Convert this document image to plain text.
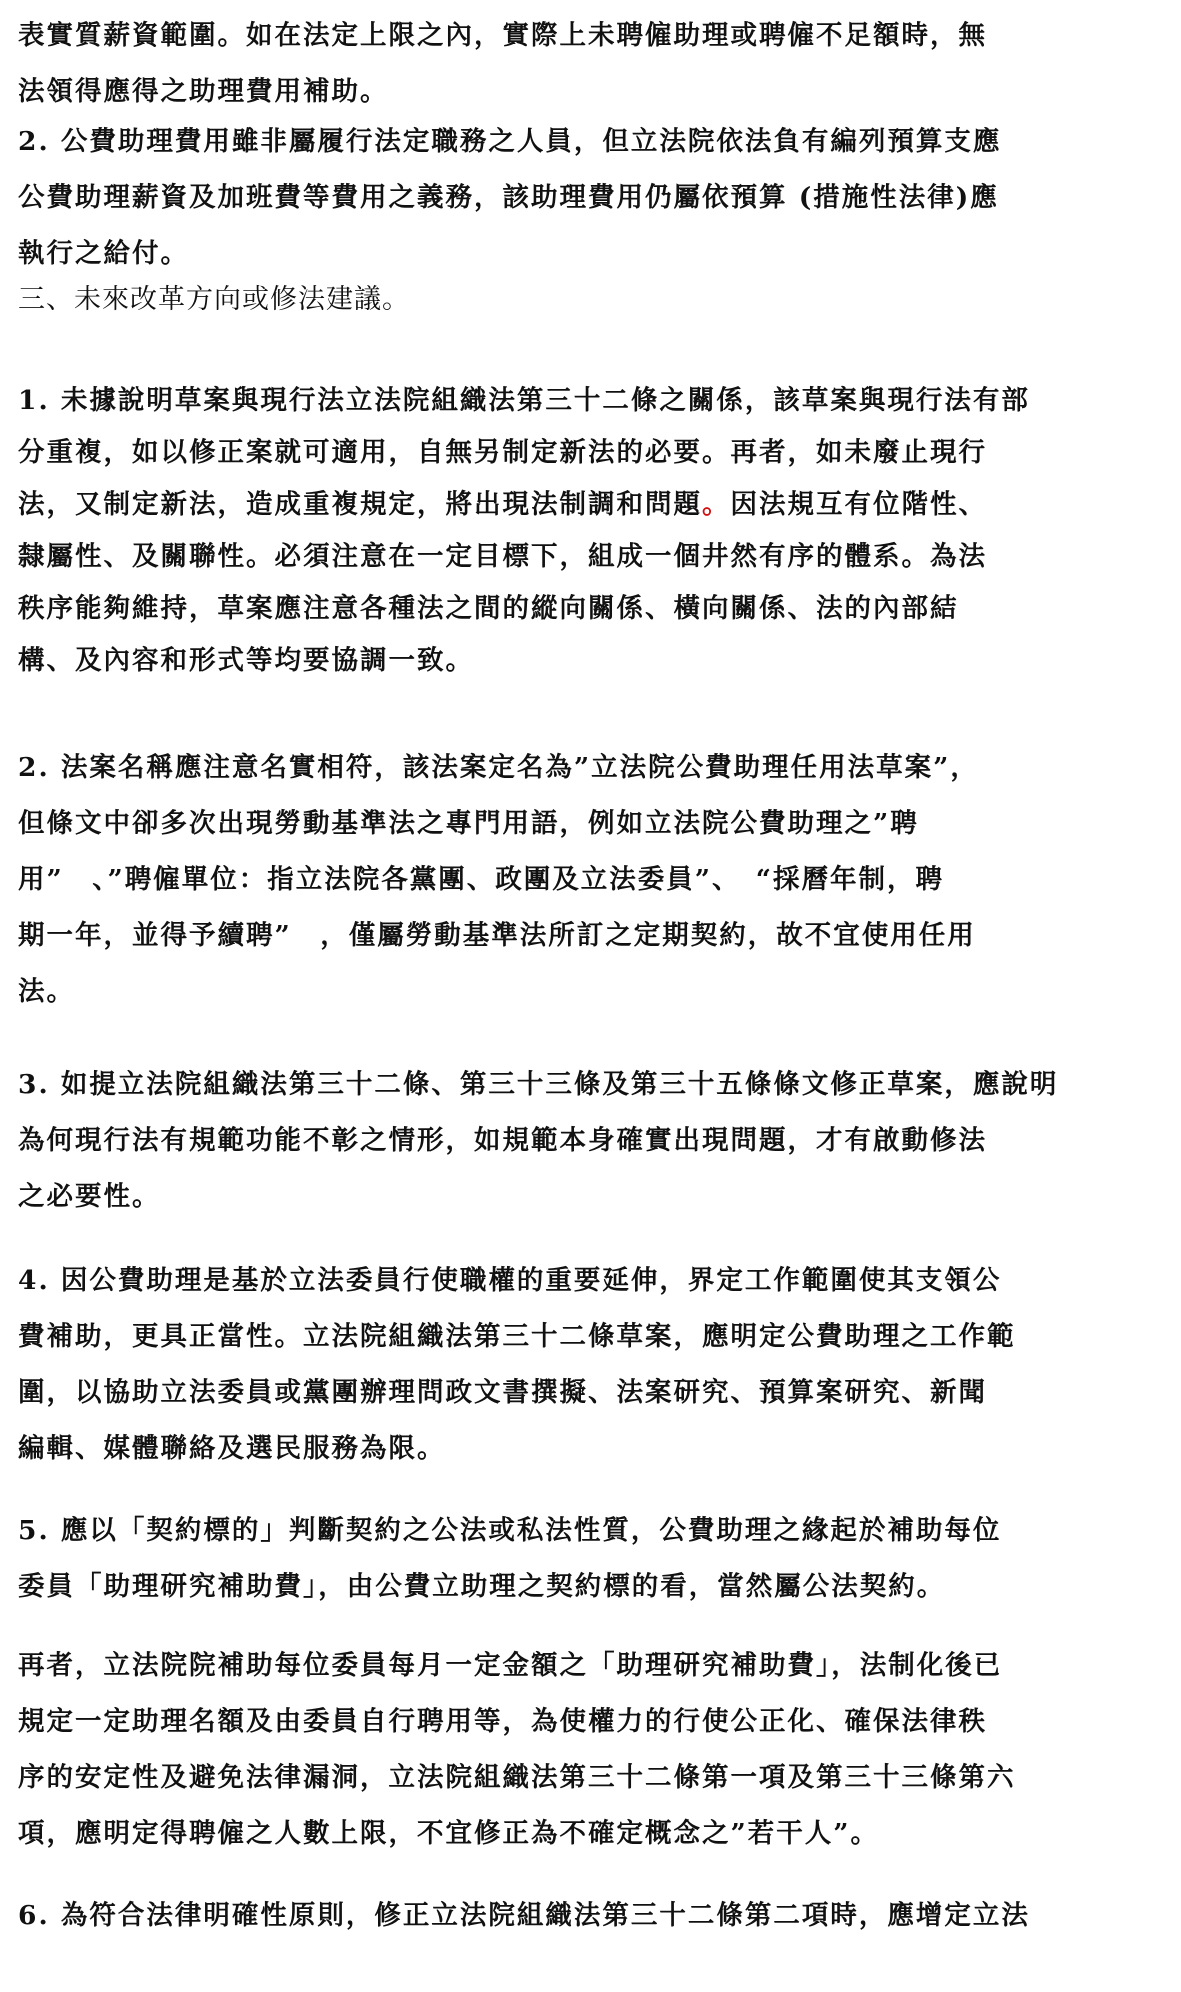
表實質薪資範圍。如在法定上限之內，實際上未聘僱助理或聘僱不足額時，無
法領得應得之助理費用補助。

2. 公費助理費用雖非屬履行法定職務之人員，但立法院依法負有編列預算支應
公費助理薪資及加班費等費用之義務，該助理費用仍屬依預算 (措施性法律)應
執行之給付。

三、未來改革方向或修法建議。

1. 未據說明草案與現行法立法院組織法第三十二條之關係，該草案與現行法有部
分重複，如以修正案就可適用，自無另制定新法的必要。再者，如未廢止現行
法，又制定新法，造成重複規定，將出現法制調和問題。因法規互有位階性、
隸屬性、及關聯性。必須注意在一定目標下，組成一個井然有序的體系。為法
秩序能夠維持，草案應注意各種法之間的縱向關係、橫向關係、法的內部結
構、及內容和形式等均要協調一致。

2. 法案名稱應注意名實相符，該法案定名為”立法院公費助理任用法草案”，
但條文中卻多次出現勞動基準法之專門用語，例如立法院公費助理之”聘
用”　、”聘僱單位：指立法院各黨團、政團及立法委員”、　“採曆年制，聘
期一年，並得予續聘”　，僅屬勞動基準法所訂之定期契約，故不宜使用任用
法。

3. 如提立法院組織法第三十二條、第三十三條及第三十五條條文修正草案，應說明
為何現行法有規範功能不彰之情形，如規範本身確實出現問題，才有啟動修法
之必要性。

4. 因公費助理是基於立法委員行使職權的重要延伸，界定工作範圍使其支領公
費補助，更具正當性。立法院組織法第三十二條草案，應明定公費助理之工作範
圍，以協助立法委員或黨團辦理問政文書撰擬、法案研究、預算案研究、新聞
編輯、媒體聯絡及選民服務為限。

5. 應以「契約標的」判斷契約之公法或私法性質，公費助理之緣起於補助每位
委員「助理研究補助費」，由公費立助理之契約標的看，當然屬公法契約。

再者，立法院院補助每位委員每月一定金額之「助理研究補助費」，法制化後已
規定一定助理名額及由委員自行聘用等，為使權力的行使公正化、確保法律秩
序的安定性及避免法律漏洞，立法院組織法第三十二條第一項及第三十三條第六
項，應明定得聘僱之人數上限，不宜修正為不確定概念之”若干人”。

6. 為符合法律明確性原則，修正立法院組織法第三十二條第二項時，應增定立法
